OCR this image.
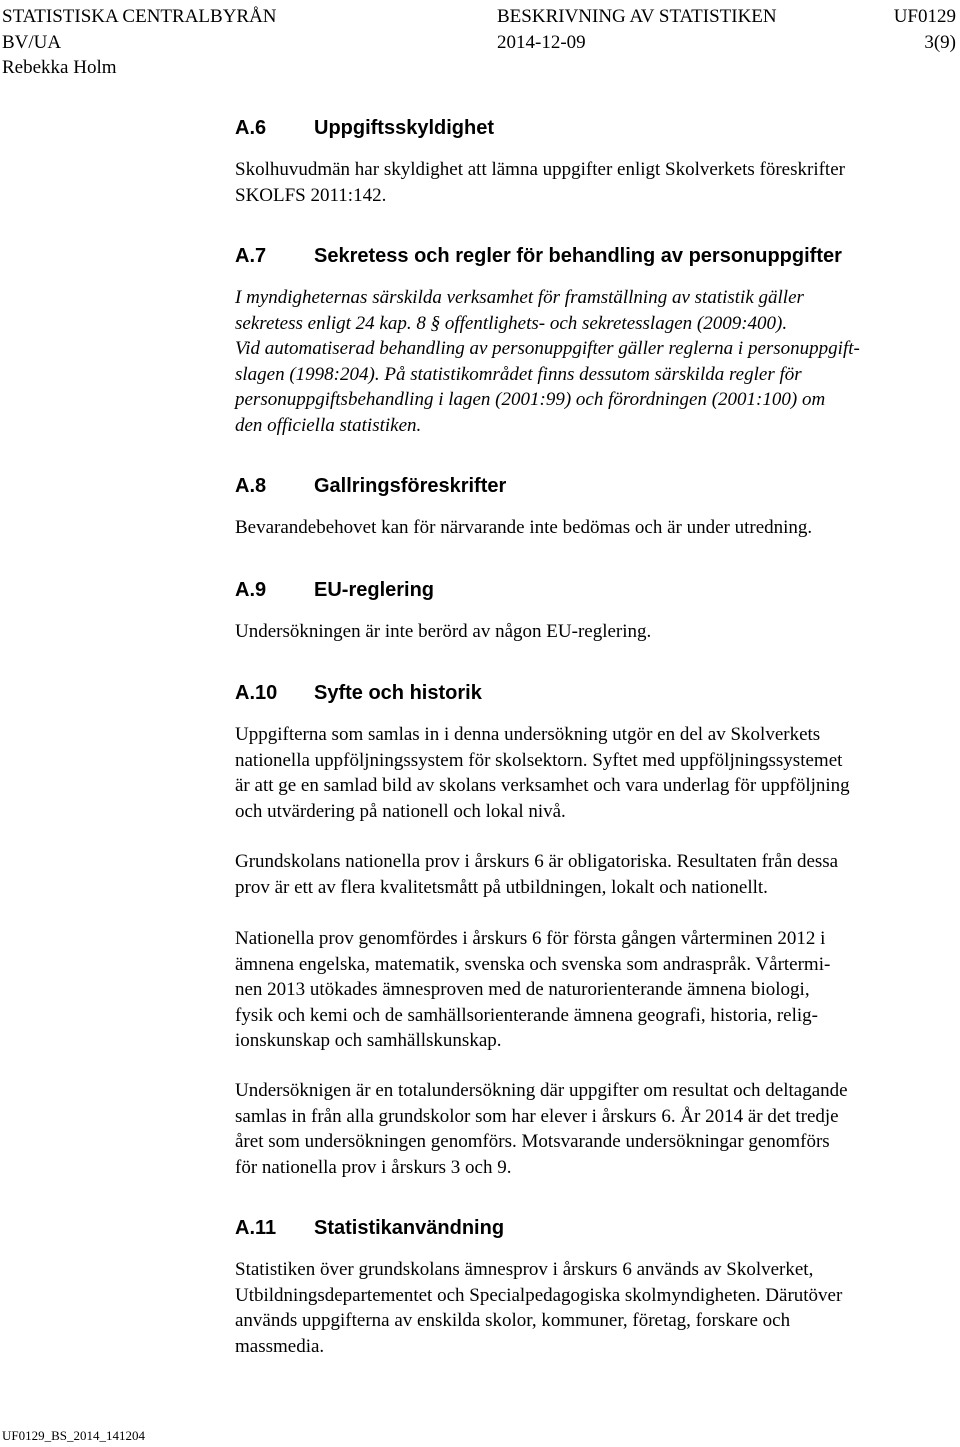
STATISTISKA CENTRALBYRÅN	BESKRIVNING AV STATISTIKEN	UF0129
BV/UA	2014-12-09	3(9)
Rebekka Holm
A.6 Uppgiftsskyldighet
Skolhuvudmän har skyldighet att lämna uppgifter enligt Skolverkets föreskrifter
SKOLFS 2011:142.
A.7 Sekretess och regler för behandling av personuppgifter
I myndigheternas särskilda verksamhet för framställning av statistik gäller
sekretess enligt 24 kap. 8 § offentlighets- och sekretesslagen (2009:400).
Vid automatiserad behandling av personuppgifter gäller reglerna i personuppgift-
slagen (1998:204). På statistikområdet finns dessutom särskilda regler för
personuppgiftsbehandling i lagen (2001:99) och förordningen (2001:100) om
den officiella statistiken.
A.8 Gallringsföreskrifter
Bevarandebehovet kan för närvarande inte bedömas och är under utredning.
A.9 EU-reglering
Undersökningen är inte berörd av någon EU-reglering.
A.10 Syfte och historik
Uppgifterna som samlas in i denna undersökning utgör en del av Skolverkets
nationella uppföljningssystem för skolsektorn. Syftet med uppföljningssystemet
är att ge en samlad bild av skolans verksamhet och vara underlag för uppföljning
och utvärdering på nationell och lokal nivå.
Grundskolans nationella prov i årskurs 6 är obligatoriska. Resultaten från dessa
prov är ett av flera kvalitetsmått på utbildningen, lokalt och nationellt.
Nationella prov genomfördes i årskurs 6 för första gången vårterminen 2012 i
ämnena engelska, matematik, svenska och svenska som andraspråk. Vårtermi-
nen 2013 utökades ämnesproven med de naturorienterande ämnena biologi,
fysik och kemi och de samhällsorienterande ämnena geografi, historia, relig-
ionskunskap och samhällskunskap.
Undersöknigen är en totalundersökning där uppgifter om resultat och deltagande
samlas in från alla grundskolor som har elever i årskurs 6. År 2014 är det tredje
året som undersökningen genomförs. Motsvarande undersökningar genomförs
för nationella prov i årskurs 3 och 9.
A.11 Statistikanvändning
Statistiken över grundskolans ämnesprov i årskurs 6 används av Skolverket,
Utbildningsdepartementet och Specialpedagogiska skolmyndigheten. Därutöver
används uppgifterna av enskilda skolor, kommuner, företag, forskare och
massmedia.
UF0129_BS_2014_141204
